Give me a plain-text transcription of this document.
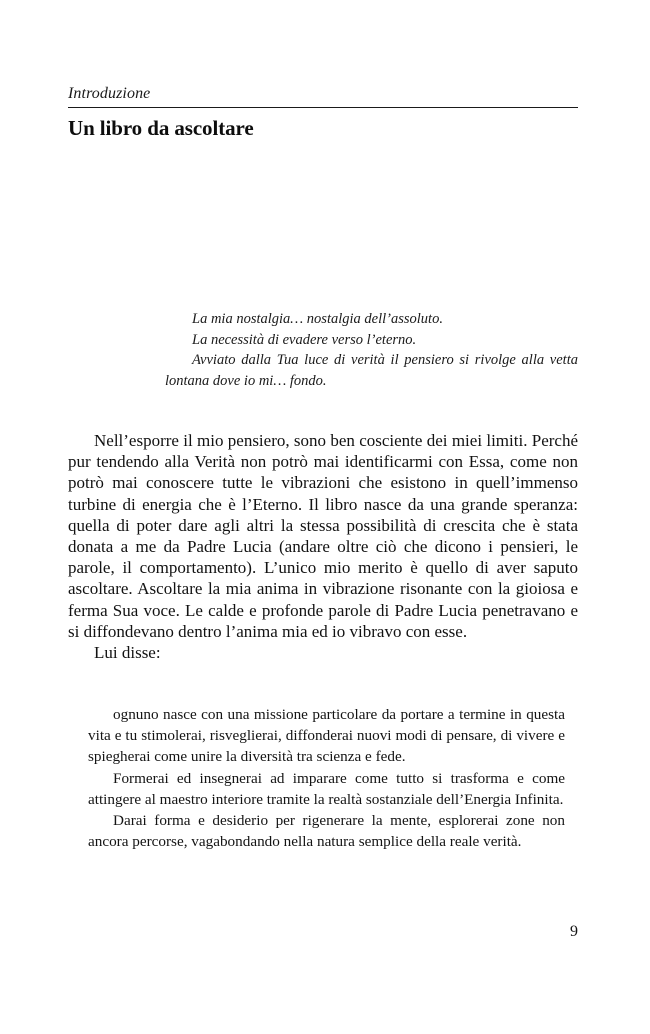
Introduzione
Un libro da ascoltare

La mia nostalgia… nostalgia dell’assoluto.

La necessità di evadere verso l’eterno.

Avviato dalla Tua luce di verità il pensiero si rivolge alla vetta lontana dove io mi… fondo.

Nell’esporre il mio pensiero, sono ben cosciente dei miei limiti. Perché pur tendendo alla Verità non potrò mai identificarmi con Essa, come non potrò mai conoscere tutte le vibrazioni che esistono in quell’immenso turbine di energia che è l’Eterno. Il libro nasce da una grande speranza: quella di poter dare agli altri la stessa possibilità di crescita che è stata donata a me da Padre Lucia (andare oltre ciò che dicono i pensieri, le parole, il comportamento). L’unico mio merito è quello di aver saputo ascoltare. Ascoltare la mia anima in vibrazione risonante con la gioiosa e ferma Sua voce. Le calde e profonde parole di Padre Lucia penetravano e si diffondevano dentro l’anima mia ed io vibravo con esse.

Lui disse:

ognuno nasce con una missione particolare da portare a termine in questa vita e tu stimolerai, risveglierai, diffonderai nuovi modi di pensare, di vivere e spiegherai come unire la diversità tra scienza e fede.

Formerai ed insegnerai ad imparare come tutto si trasforma e come attingere al maestro interiore tramite la realtà sostanziale dell’Energia Infinita.

Darai forma e desiderio per rigenerare la mente, esplorerai zone non ancora percorse, vagabondando nella natura semplice della reale verità.

9
